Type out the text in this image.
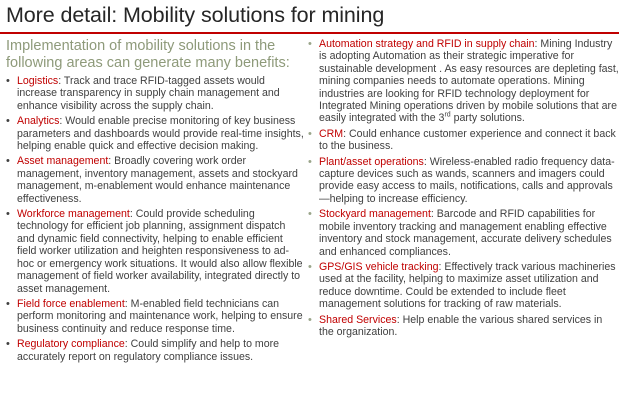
More detail: Mobility solutions for mining
Implementation of mobility solutions in the following areas can generate many benefits:
• Logistics: Track and trace RFID-tagged assets would increase transparency in supply chain management and enhance visibility across the supply chain.
• Analytics: Would enable precise monitoring of key business parameters and dashboards would provide real-time insights, helping enable quick and effective decision making.
• Asset management: Broadly covering work order management, inventory management, assets and stockyard management, m-enablement would enhance maintenance effectiveness.
• Workforce management: Could provide scheduling technology for efficient job planning, assignment dispatch and dynamic field connectivity, helping to enable efficient field worker utilization and heighten responsiveness to ad-hoc or emergency work situations. It would also allow flexible management of field worker availability, integrated directly to asset management.
• Field force enablement: M-enabled field technicians can perform monitoring and maintenance work, helping to ensure business continuity and reduce response time.
• Regulatory compliance: Could simplify and help to more accurately report on regulatory compliance issues.
• Automation strategy and RFID in supply chain: Mining Industry is adopting Automation as their strategic imperative for sustainable development . As easy resources are depleting fast, mining companies needs to automate operations. Mining industries are looking for RFID technology deployment for Integrated Mining operations driven by mobile solutions that are easily integrated with the 3rd party solutions.
• CRM: Could enhance customer experience and connect it back to the business.
• Plant/asset operations: Wireless-enabled radio frequency data-capture devices such as wands, scanners and imagers could provide easy access to mails, notifications, calls and approvals—helping to increase efficiency.
• Stockyard management: Barcode and RFID capabilities for mobile inventory tracking and management enabling effective inventory and stock management, accurate delivery schedules and enhanced compliances.
• GPS/GIS vehicle tracking: Effectively track various machineries used at the facility, helping to maximize asset utilization and reduce downtime. Could be extended to include fleet management solutions for tracking of raw materials.
• Shared Services: Help enable the various shared services in the organization.
